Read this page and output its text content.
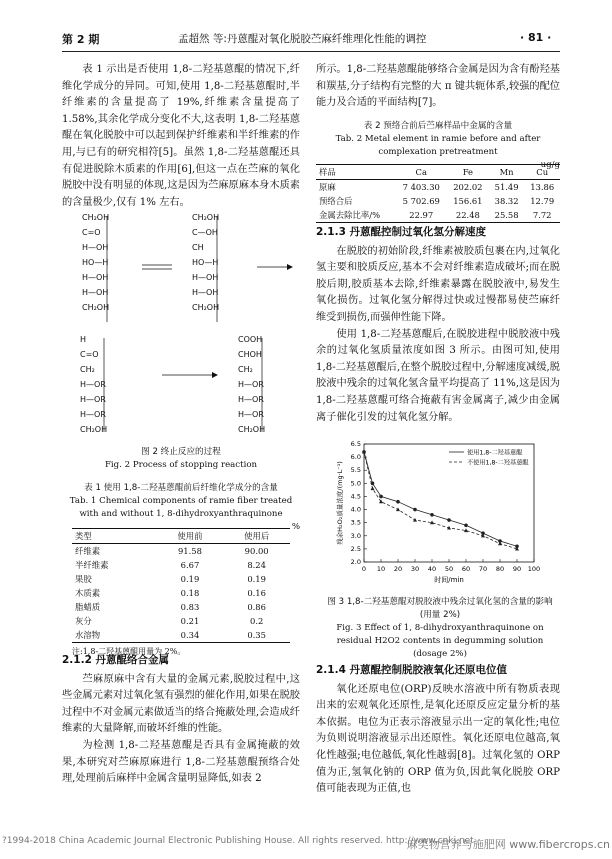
第 2 期	孟超然 等:丹蒽醌对氧化脱胶苎麻纤维理化性能的调控	· 81 ·

表 1 示出是否使用 1,8-二羟基蒽醌的情况下,纤维化学成分的异同。可知,使用 1,8-二羟基蒽醌时,半纤维素的含量提高了 19%,纤维素含量提高了 1.58%,其余化学成分变化不大,这表明 1,8-二羟基蒽醌在氧化脱胶中可以起到保护纤维素和半纤维素的作用,与已有的研究相符[5]。虽然 1,8-二羟基蒽醌还具有促进脱除木质素的作用[6],但这一点在苎麻的氧化脱胶中没有明显的体现,这是因为苎麻原麻本身木质素的含量极少,仅有 1% 左右。

CH₂OH
C=O
H—OH
HO—H
H—OH
H—OH
CH₂OH
CH₂OH
C—OH
CH
HO—H
H—OH
H—OH
CH₂OH
H
C=O
CH₂
H—OR
H—OR
H—OR
CH₂OH
COOH
CHOH
CH₂
H—OR
H—OR
H—OR
CH₂OH
图 2 终止反应的过程
Fig. 2 Process of stopping reaction
表 1 使用 1,8-二羟基蒽醌前后纤维化学成分的含量
Tab. 1 Chemical components of ramie fiber treated with and without 1, 8-dihydroxyanthraquinone
%
类型	使用前	使用后
纤维素	91.58	90.00
半纤维素	6.67	8.24
果胶	0.19	0.19
木质素	0.18	0.16
脂蜡质	0.83	0.86
灰分	0.21	0.2
水溶物	0.34	0.35
注:1,8-二羟基蒽醌用量为 2%。
2.1.2 丹蒽醌络合金属

苎麻原麻中含有大量的金属元素,脱胶过程中,这些金属元素对过氧化氢有强烈的催化作用,如果在脱胶过程中不对金属元素做适当的络合掩蔽处理,会造成纤维素的大量降解,而破坏纤维的性能。

为检测 1,8-二羟基蒽醌是否具有金属掩蔽的效果,本研究对苎麻原麻进行 1,8-二羟基蒽醌预络合处理,处理前后麻样中金属含量明显降低,如表 2

所示。1,8-二羟基蒽醌能够络合金属是因为含有酚羟基和羰基,分子结构有完整的大 π 键共轭体系,较强的配位能力及合适的平面结构[7]。

表 2 预络合前后苎麻样品中金属的含量
Tab. 2 Metal element in ramie before and after complexation pretreatment
ug/g
样品	Ca	Fe	Mn	Cu
原麻	7 403.30	202.02	51.49	13.86
预络合后	5 702.69	156.61	38.32	12.79
金属去除比率/%	22.97	22.48	25.58	7.72
2.1.3 丹蒽醌控制过氧化氢分解速度

在脱胶的初始阶段,纤维素被胶质包裹在内,过氧化氢主要和胶质反应,基本不会对纤维素造成破坏;而在脱胶后期,胶质基本去除,纤维素暴露在脱胶液中,易发生氧化损伤。过氧化氢分解得过快或过慢都易使苎麻纤维受到损伤,而强伸性能下降。

使用 1,8-二羟基蒽醌后,在脱胶进程中脱胶液中残余的过氧化氢质量浓度如图 3 所示。由图可知,使用 1,8-二羟基蒽醌后,在整个脱胶过程中,分解速度减缓,脱胶液中残余的过氧化氢含量平均提高了 11%,这是因为 1,8-二羟基蒽醌可络合掩蔽有害金属离子,减少由金属离子催化引发的过氧化氢分解。

0 10 20 30 40 50 60 70 80 90 100
2.0
2.5
3.0
3.5
4.0
4.5
5.0
5.5
6.0
6.5
时间/min
残余H₂O₂质量浓度/(mg·L⁻¹)
使用1,8-二羟基蒽醌
不使用1,8-二羟基蒽醌
图 3 1,8-二羟基蒽醌对脱胶液中残余过氧化氢的含量的影响(用量 2%)
Fig. 3 Effect of 1, 8-dihydroxyanthraquinone on residual H2O2 contents in degumming solution (dosage 2%)
2.1.4 丹蒽醌控制脱胶液氧化还原电位值

氧化还原电位(ORP)反映水溶液中所有物质表现出来的宏观氧化还原性,是氧化还原反应定量分析的基本依据。电位为正表示溶液显示出一定的氧化性;电位为负则说明溶液显示出还原性。氧化还原电位越高,氧化性越强;电位越低,氧化性越弱[8]。过氧化氢的 ORP 值为正,氢氧化钠的 ORP 值为负,因此氧化脱胶 ORP 值可能表现为正值,也

?1994-2018 China Academic Journal Electronic Publishing House. All rights reserved. http://www.cnki.net
麻类物营养与施肥网 www.fibercrops.cn
